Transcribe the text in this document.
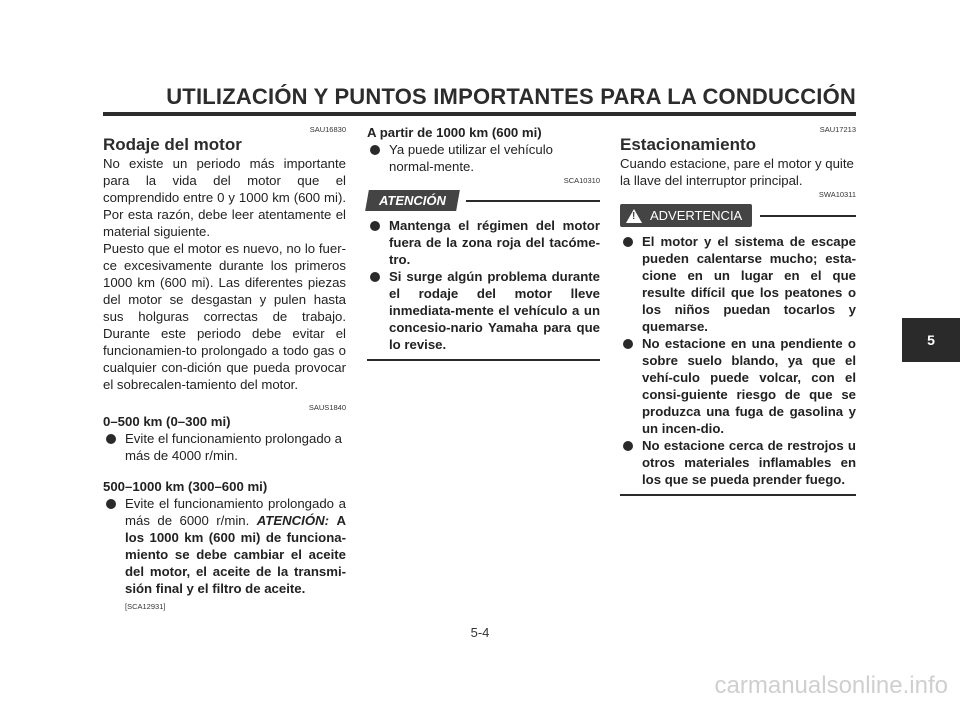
UTILIZACIÓN Y PUNTOS IMPORTANTES PARA LA CONDUCCIÓN
5
SAU16830
Rodaje del motor

No existe un periodo más importante para la vida del motor que el comprendido entre 0 y 1000 km (600 mi). Por esta razón, debe leer atentamente el material siguiente.

Puesto que el motor es nuevo, no lo fuer-ce excesivamente durante los primeros 1000 km (600 mi). Las diferentes piezas del motor se desgastan y pulen hasta sus holguras correctas de trabajo. Durante este periodo debe evitar el funcionamien-to prolongado a todo gas o cualquier con-dición que pueda provocar el sobrecalen-tamiento del motor.

SAUS1840

0–500 km (0–300 mi)

Evite el funcionamiento prolongado a más de 4000 r/min.

500–1000 km (300–600 mi)

Evite el funcionamiento prolongado a más de 6000 r/min. ATENCIÓN: A los 1000 km (600 mi) de funciona-miento se debe cambiar el aceite del motor, el aceite de la transmi-sión final y el filtro de aceite.
[SCA12931]

A partir de 1000 km (600 mi)

Ya puede utilizar el vehículo normal-mente.
SCA10310
ATENCIÓN
Mantenga el régimen del motor fuera de la zona roja del tacóme-tro.
Si surge algún problema durante el rodaje del motor lleve inmediata-mente el vehículo a un concesio-nario Yamaha para que lo revise.
SAU17213
Estacionamiento

Cuando estacione, pare el motor y quite la llave del interruptor principal.

SWA10311
! ADVERTENCIA
El motor y el sistema de escape pueden calentarse mucho; esta-cione en un lugar en el que resulte difícil que los peatones o los niños puedan tocarlos y quemarse.
No estacione en una pendiente o sobre suelo blando, ya que el vehí-culo puede volcar, con el consi-guiente riesgo de que se produzca una fuga de gasolina y un incen-dio.
No estacione cerca de restrojos u otros materiales inflamables en los que se pueda prender fuego.
5-4
carmanualsonline.info
